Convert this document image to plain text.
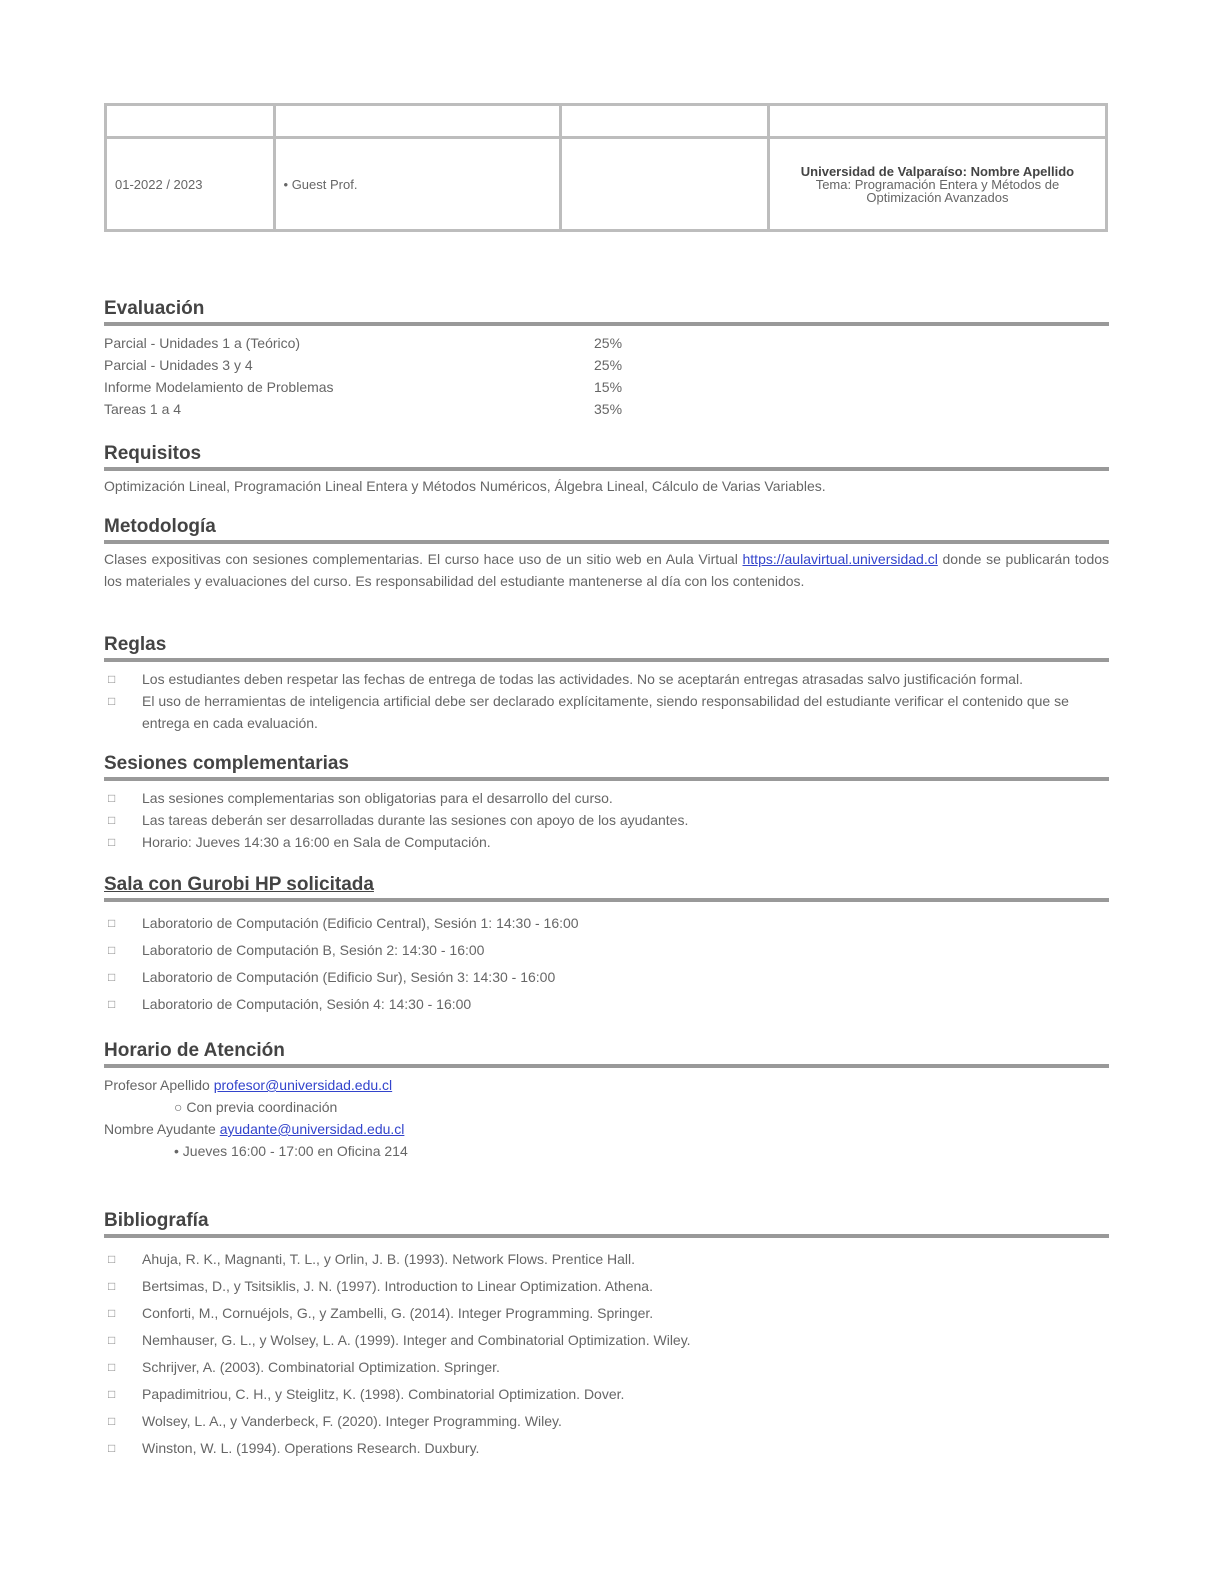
01-2022 / 2023	• Guest Prof.		Universidad de Valparaíso: Nombre Apellido
Tema: Programación Entera y Métodos de Optimización Avanzados
Evaluación
Parcial - Unidades 1 a (Teórico)	25%
Parcial - Unidades 3 y 4	25%
Informe Modelamiento de Problemas	15%
Tareas 1 a 4	35%
Requisitos
Optimización Lineal, Programación Lineal Entera y Métodos Numéricos, Álgebra Lineal, Cálculo de Varias Variables.
Metodología
Clases expositivas con sesiones complementarias. El curso hace uso de un sitio web en Aula Virtual https://aulavirtual.universidad.cl donde se publicarán todos los materiales y evaluaciones del curso. Es responsabilidad del estudiante mantenerse al día con los contenidos.
Reglas
□ Los estudiantes deben respetar las fechas de entrega de todas las actividades. No se aceptarán entregas atrasadas salvo justificación formal.
□ El uso de herramientas de inteligencia artificial debe ser declarado explícitamente, siendo responsabilidad del estudiante verificar el contenido que se entrega en cada evaluación.
Sesiones complementarias
□ Las sesiones complementarias son obligatorias para el desarrollo del curso.
□ Las tareas deberán ser desarrolladas durante las sesiones con apoyo de los ayudantes.
□ Horario: Jueves 14:30 a 16:00 en Sala de Computación.
Sala con Gurobi HP solicitada
□ Laboratorio de Computación (Edificio Central), Sesión 1: 14:30 - 16:00
□ Laboratorio de Computación B, Sesión 2: 14:30 - 16:00
□ Laboratorio de Computación (Edificio Sur), Sesión 3: 14:30 - 16:00
□ Laboratorio de Computación, Sesión 4: 14:30 - 16:00
Horario de Atención
Profesor Apellido profesor@universidad.edu.cl
○ Con previa coordinación
Nombre Ayudante ayudante@universidad.edu.cl
• Jueves 16:00 - 17:00 en Oficina 214
Bibliografía
□ Ahuja, R. K., Magnanti, T. L., y Orlin, J. B. (1993). Network Flows. Prentice Hall.
□ Bertsimas, D., y Tsitsiklis, J. N. (1997). Introduction to Linear Optimization. Athena.
□ Conforti, M., Cornuéjols, G., y Zambelli, G. (2014). Integer Programming. Springer.
□ Nemhauser, G. L., y Wolsey, L. A. (1999). Integer and Combinatorial Optimization. Wiley.
□ Schrijver, A. (2003). Combinatorial Optimization. Springer.
□ Papadimitriou, C. H., y Steiglitz, K. (1998). Combinatorial Optimization. Dover.
□ Wolsey, L. A., y Vanderbeck, F. (2020). Integer Programming. Wiley.
□ Winston, W. L. (1994). Operations Research. Duxbury.
